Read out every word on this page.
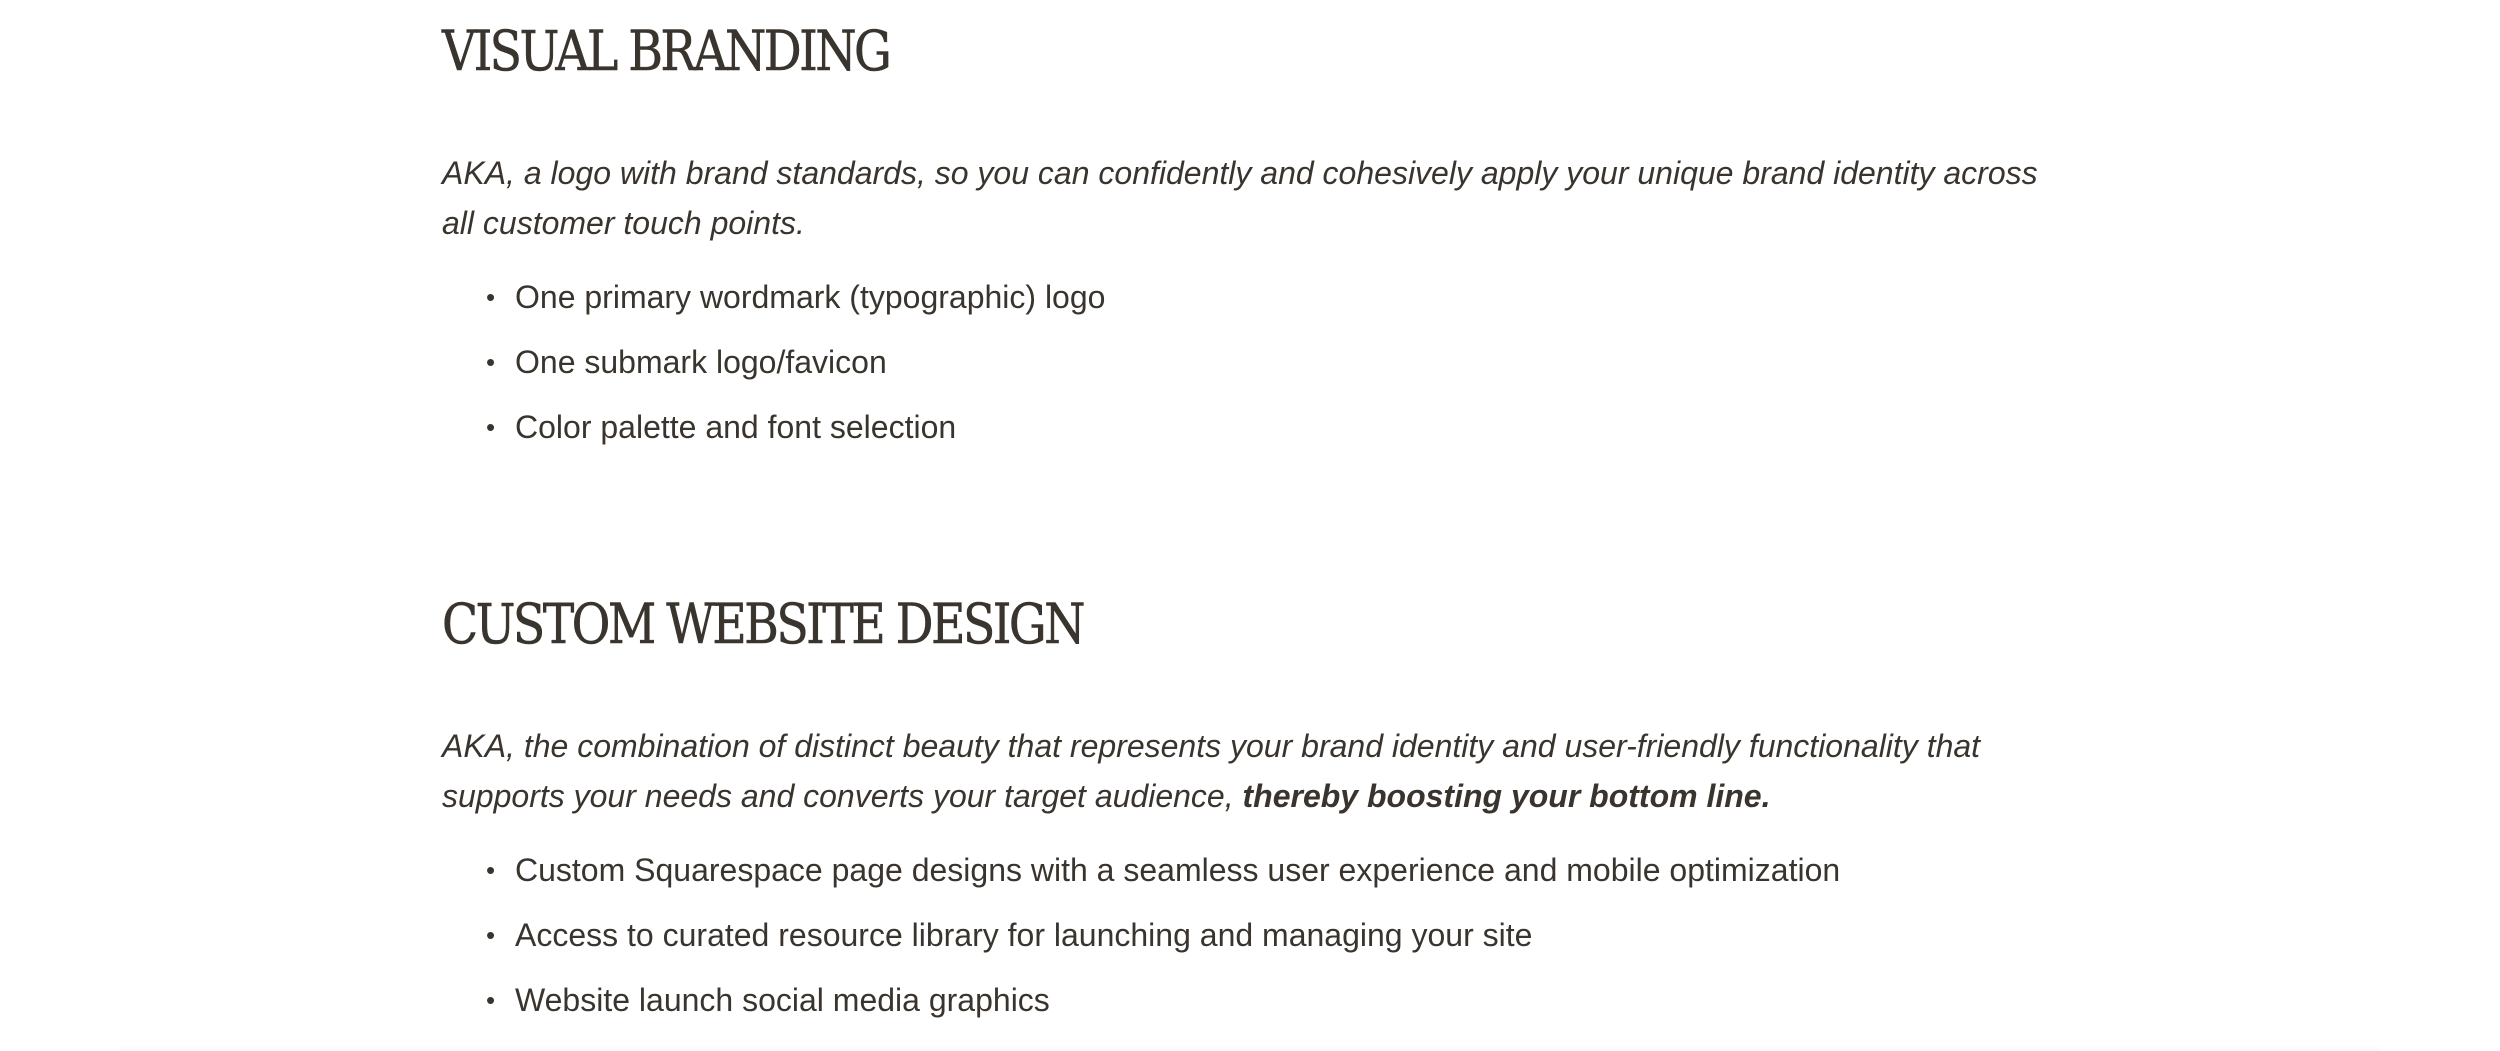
VISUAL BRANDING

AKA, a logo with brand standards, so you can confidently and cohesively apply your unique brand identity across all customer touch points.

• One primary wordmark (typographic) logo
• One submark logo/favicon
• Color palette and font selection
CUSTOM WEBSITE DESIGN

AKA, the combination of distinct beauty that represents your brand identity and user-friendly functionality that supports your needs and converts your target audience, thereby boosting your bottom line.

• Custom Squarespace page designs with a seamless user experience and mobile optimization
• Access to curated resource library for launching and managing your site
• Website launch social media graphics
